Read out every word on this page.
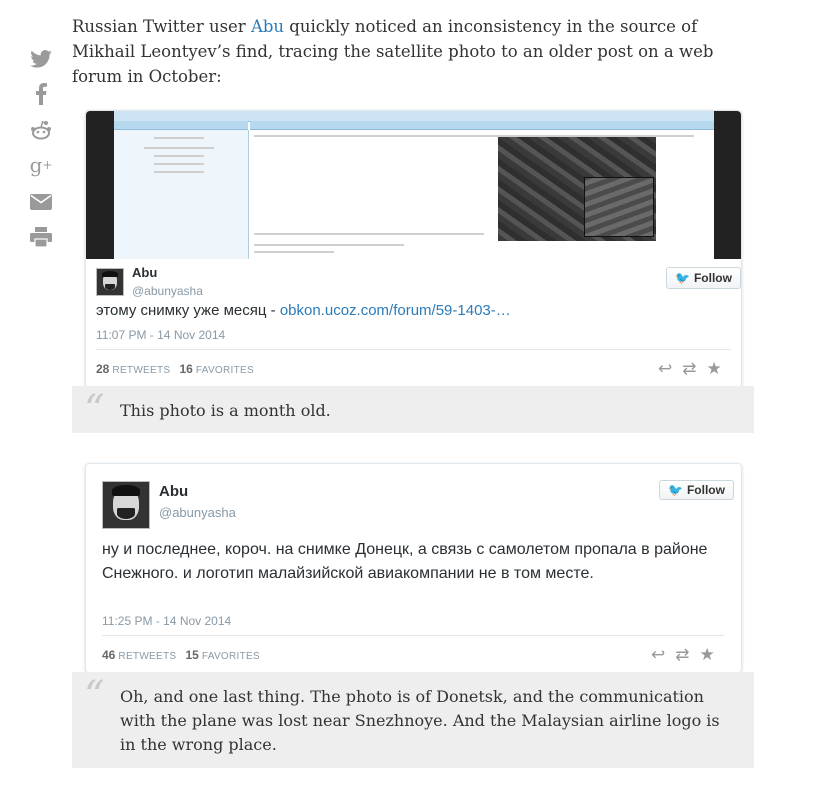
g +

Russian Twitter user Abu quickly noticed an inconsistency in the source of Mikhail Leontyev’s find, tracing the satellite photo to an older post on a web forum in October:

Abu
@abunyasha
🐦 Follow
этому снимку уже месяц - obkon.ucoz.com/forum/59-1403-…
11:07 PM - 14 Nov 2014
28 RETWEETS 16 FAVORITES	↩ ⇄ ★
“ This photo is a month old.
Abu
@abunyasha
🐦 Follow
ну и последнее, короч. на снимке Донецк, а связь с самолетом пропала в районе Снежного. и логотип малайзийской авиакомпании не в том месте.
11:25 PM - 14 Nov 2014
46 RETWEETS 15 FAVORITES	↩ ⇄ ★
“ Oh, and one last thing. The photo is of Donetsk, and the communication with the plane was lost near Snezhnoye. And the Malaysian airline logo is in the wrong place.
